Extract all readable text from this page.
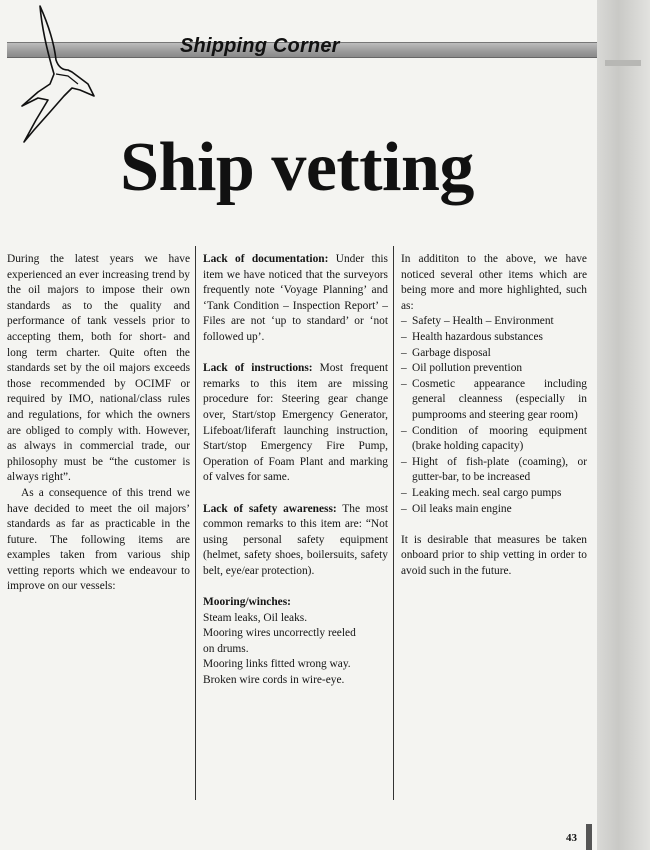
Shipping Corner
Ship vetting

During the latest years we have experienced an ever increasing trend by the oil majors to impose their own standards as to the quality and performance of tank vessels prior to accepting them, both for short- and long term charter. Quite often the standards set by the oil majors exceeds those recommended by OCIMF or required by IMO, national/class rules and regulations, for which the owners are obliged to comply with. However, as always in commercial trade, our philosophy must be “the customer is always right”.

As a consequence of this trend we have decided to meet the oil majors’ standards as far as practicable in the future. The following items are examples taken from various ship vetting reports which we endeavour to improve on our vessels:

Lack of documentation: Under this item we have noticed that the surveyors frequently note ‘Voyage Planning’ and ‘Tank Condition – Inspection Report’ – Files are not ‘up to standard’ or ‘not followed up’.

Lack of instructions: Most frequent remarks to this item are missing procedure for: Steering gear change over, Start/stop Emergency Generator, Lifeboat/liferaft launching instruction, Start/stop Emergency Fire Pump, Operation of Foam Plant and marking of valves for same.

Lack of safety awareness: The most common remarks to this item are: “Not using personal safety equipment (helmet, safety shoes, boilersuits, safety belt, eye/ear protection).

Mooring/winches:

Steam leaks, Oil leaks.

Mooring wires uncorrectly reeled on drums.

Mooring links fitted wrong way.

Broken wire cords in wire-eye.

In addititon to the above, we have noticed several other items which are being more and more highlighted, such as:

– Safety – Health – Environment
– Health hazardous substances
– Garbage disposal
– Oil pollution prevention
– Cosmetic appearance including general cleanness (especially in pumprooms and steering gear room)
– Condition of mooring equipment (brake holding capacity)
– Hight of fish-plate (coaming), or gutter-bar, to be increased
– Leaking mech. seal cargo pumps
– Oil leaks main engine

It is desirable that measures be taken onboard prior to ship vetting in order to avoid such in the future.

43
